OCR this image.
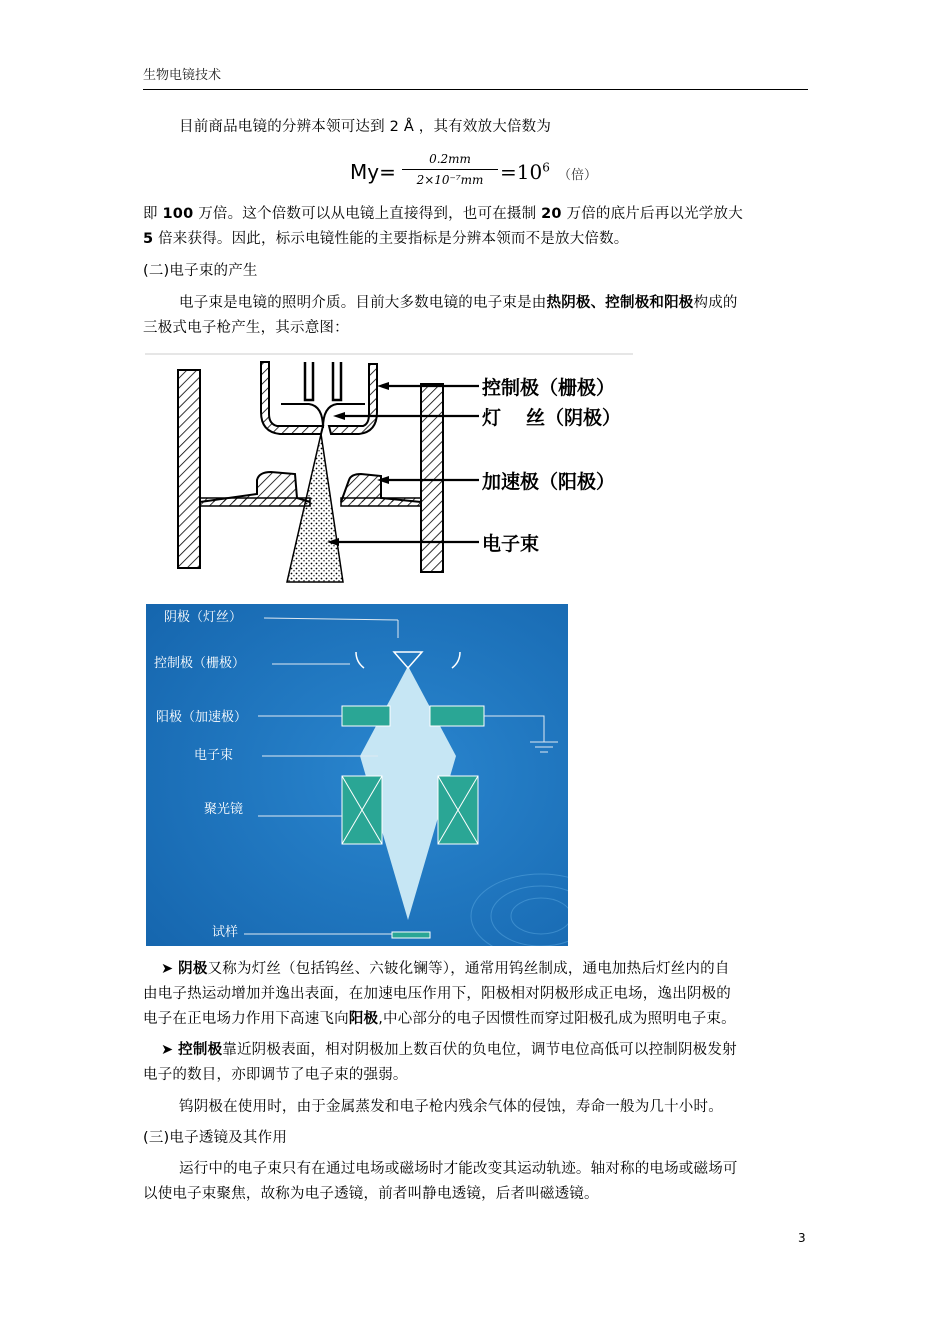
生物电镜技术
目前商品电镜的分辨本领可达到 2 Å ，其有效放大倍数为
My=
0.2mm
$2\times 10^{-7}mm =10^6$
（倍）
即 100 万倍。这个倍数可以从电镜上直接得到，也可在摄制 20 万倍的底片后再以光学放大
5 倍来获得。因此，标示电镜性能的主要指标是分辨本领而不是放大倍数。
(二)电子束的产生
电子束是电镜的照明介质。目前大多数电镜的电子束是由热阴极、控制极和阳极构成的
三极式电子枪产生，其示意图：
控制极（栅极）
灯 丝（阴极）
加速极（阳极）
电子束
阴极（灯丝）
控制极（栅极）
阳极（加速极）
电子束
聚光镜
试样
➤ 阴极又称为灯丝（包括钨丝、六铍化镧等），通常用钨丝制成，通电加热后灯丝内的自
由电子热运动增加并逸出表面，在加速电压作用下，阳极相对阴极形成正电场，逸出阴极的
电子在正电场力作用下高速飞向阳极,中心部分的电子因惯性而穿过阳极孔成为照明电子束。
➤ 控制极靠近阴极表面，相对阴极加上数百伏的负电位，调节电位高低可以控制阴极发射
电子的数目，亦即调节了电子束的强弱。
钨阴极在使用时，由于金属蒸发和电子枪内残余气体的侵蚀，寿命一般为几十小时。
(三)电子透镜及其作用
运行中的电子束只有在通过电场或磁场时才能改变其运动轨迹。轴对称的电场或磁场可
以使电子束聚焦，故称为电子透镜，前者叫静电透镜，后者叫磁透镜。
3
